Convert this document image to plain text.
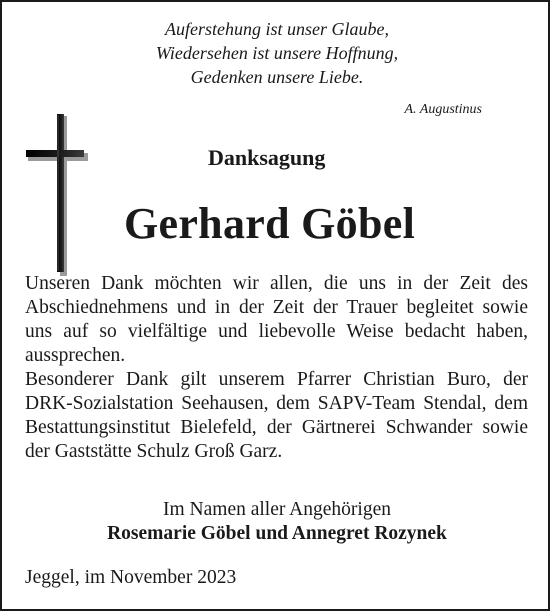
Auferstehung ist unser Glaube,
Wiedersehen ist unsere Hoffnung,
Gedenken unsere Liebe.
A. Augustinus
Danksagung
Gerhard Göbel

Unseren Dank möchten wir allen, die uns in der Zeit des Abschiednehmens und in der Zeit der Trauer begleitet sowie uns auf so vielfältige und liebevolle Weise bedacht haben, aussprechen.

Besonderer Dank gilt unserem Pfarrer Christian Buro, der DRK-Sozialstation Seehausen, dem SAPV-Team Stendal, dem Bestattungsinstitut Bielefeld, der Gärtnerei Schwander sowie der Gaststätte Schulz Groß Garz.

Im Namen aller Angehörigen
Rosemarie Göbel und Annegret Rozynek
Jeggel, im November 2023
